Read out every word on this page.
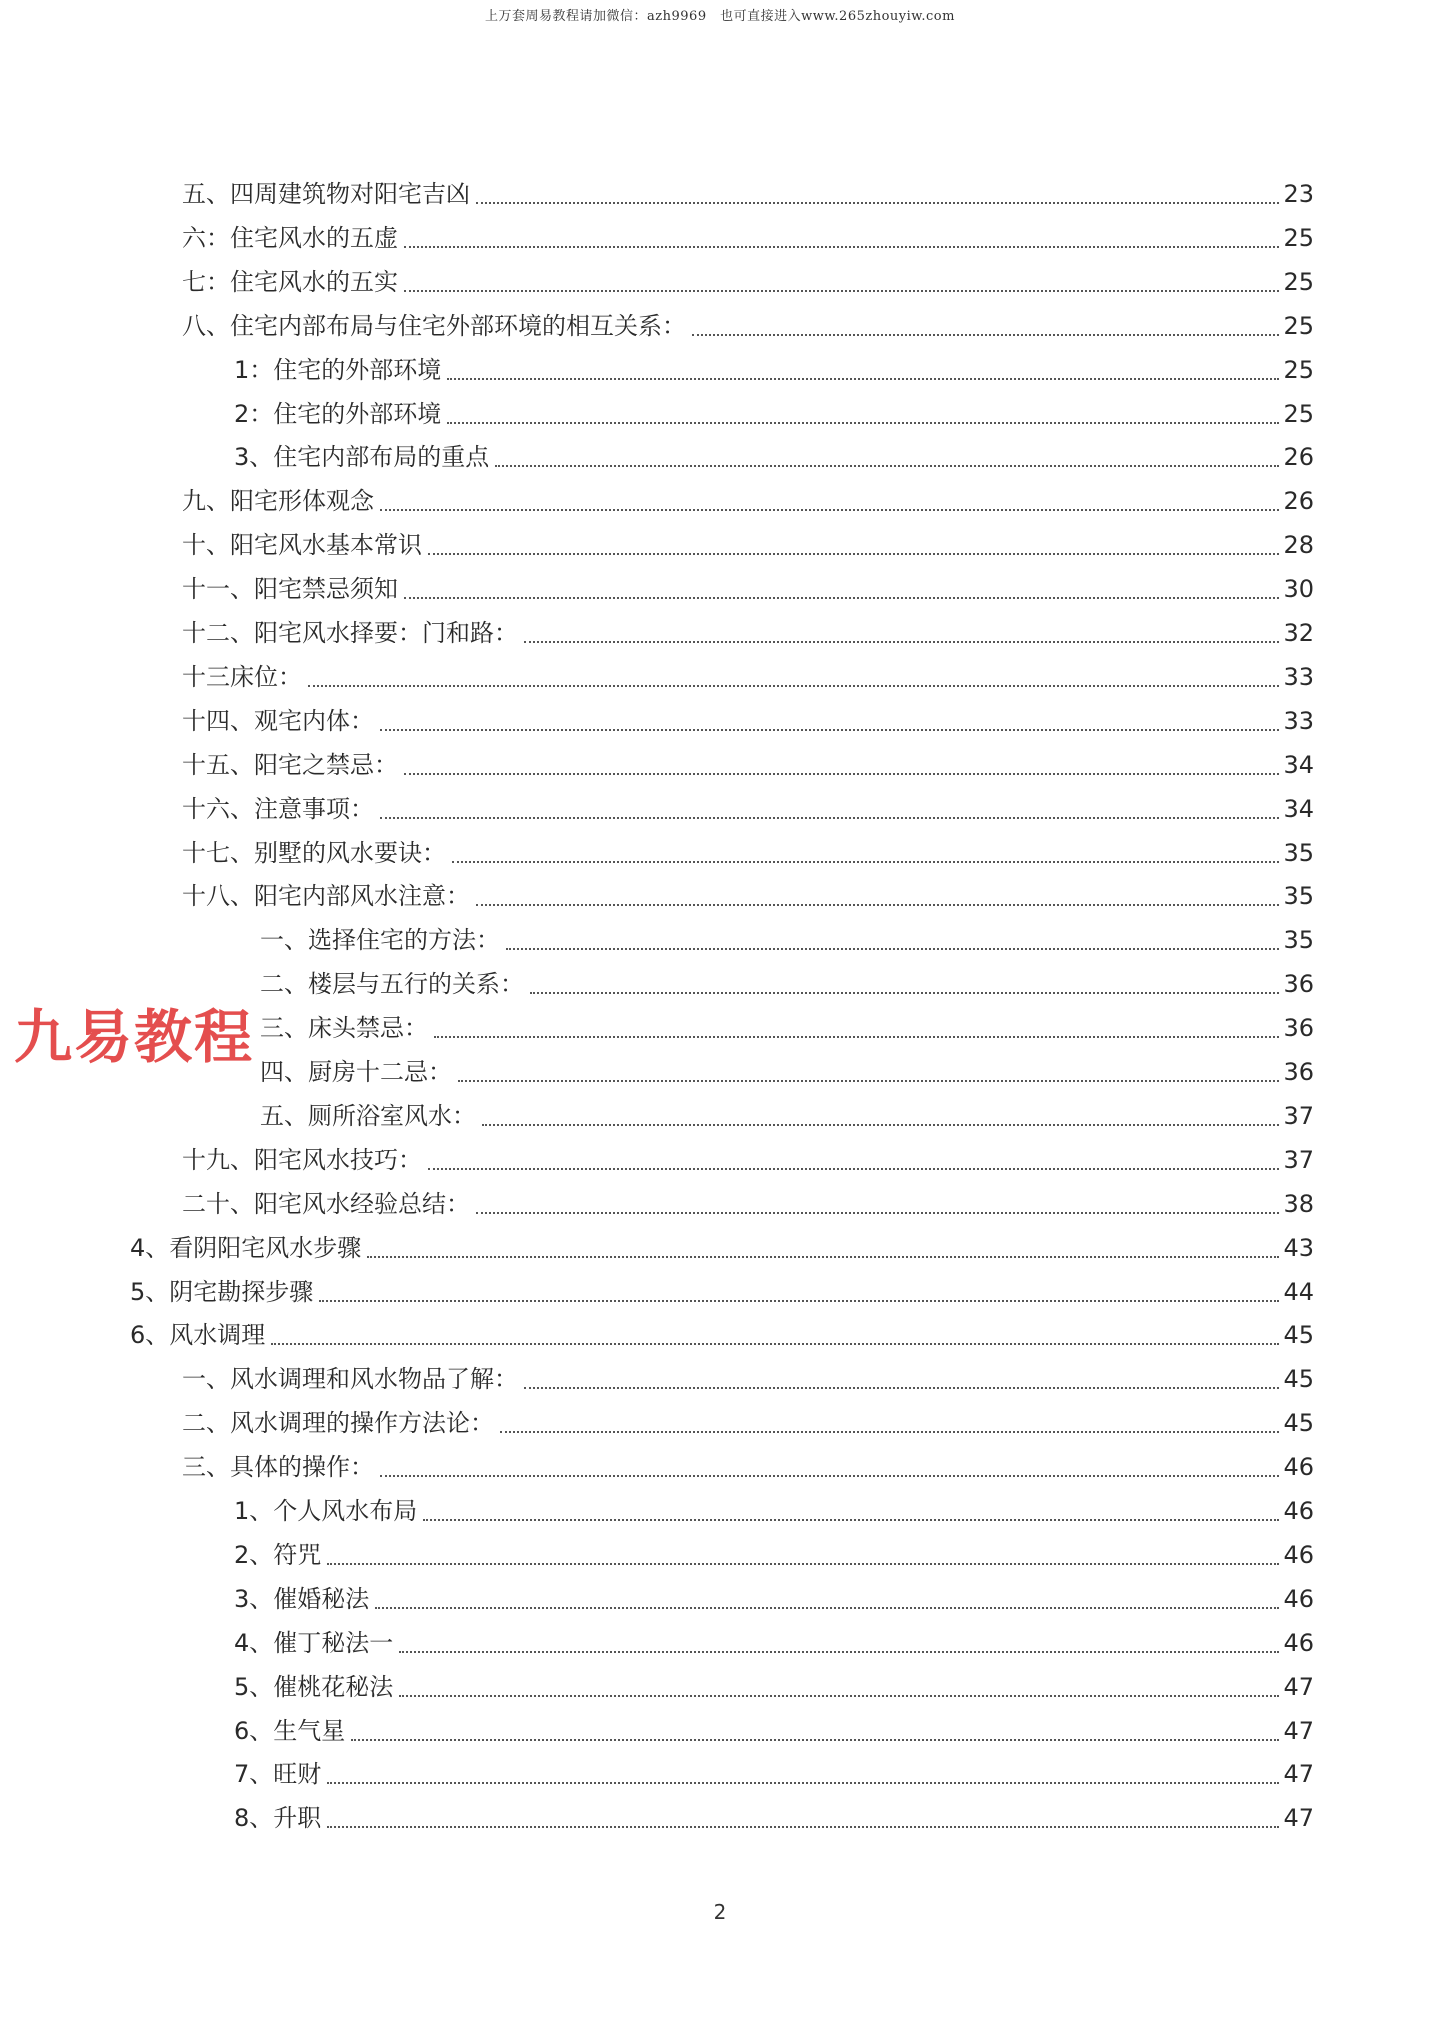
上万套周易教程请加微信：azh9969　也可直接进入www.265zhouyiw.com
五、四周建筑物对阳宅吉凶	23
六：住宅风水的五虚	25
七：住宅风水的五实	25
八、住宅内部布局与住宅外部环境的相互关系：	25
1：住宅的外部环境	25
2：住宅的外部环境	25
3、住宅内部布局的重点	26
九、阳宅形体观念	26
十、阳宅风水基本常识	28
十一、阳宅禁忌须知	30
十二、阳宅风水择要：门和路：	32
十三床位：	33
十四、观宅内体：	33
十五、阳宅之禁忌：	34
十六、注意事项：	34
十七、别墅的风水要诀：	35
十八、阳宅内部风水注意：	35
一、选择住宅的方法：	35
二、楼层与五行的关系：	36
三、床头禁忌：	36
四、厨房十二忌：	36
五、厕所浴室风水：	37
十九、阳宅风水技巧：	37
二十、阳宅风水经验总结：	38
4、看阴阳宅风水步骤	43
5、阴宅勘探步骤	44
6、风水调理	45
一、风水调理和风水物品了解：	45
二、风水调理的操作方法论：	45
三、具体的操作：	46
1、个人风水布局	46
2、符咒	46
3、催婚秘法	46
4、催丁秘法一	46
5、催桃花秘法	47
6、生气星	47
7、旺财	47
8、升职	47
九易教程
2
